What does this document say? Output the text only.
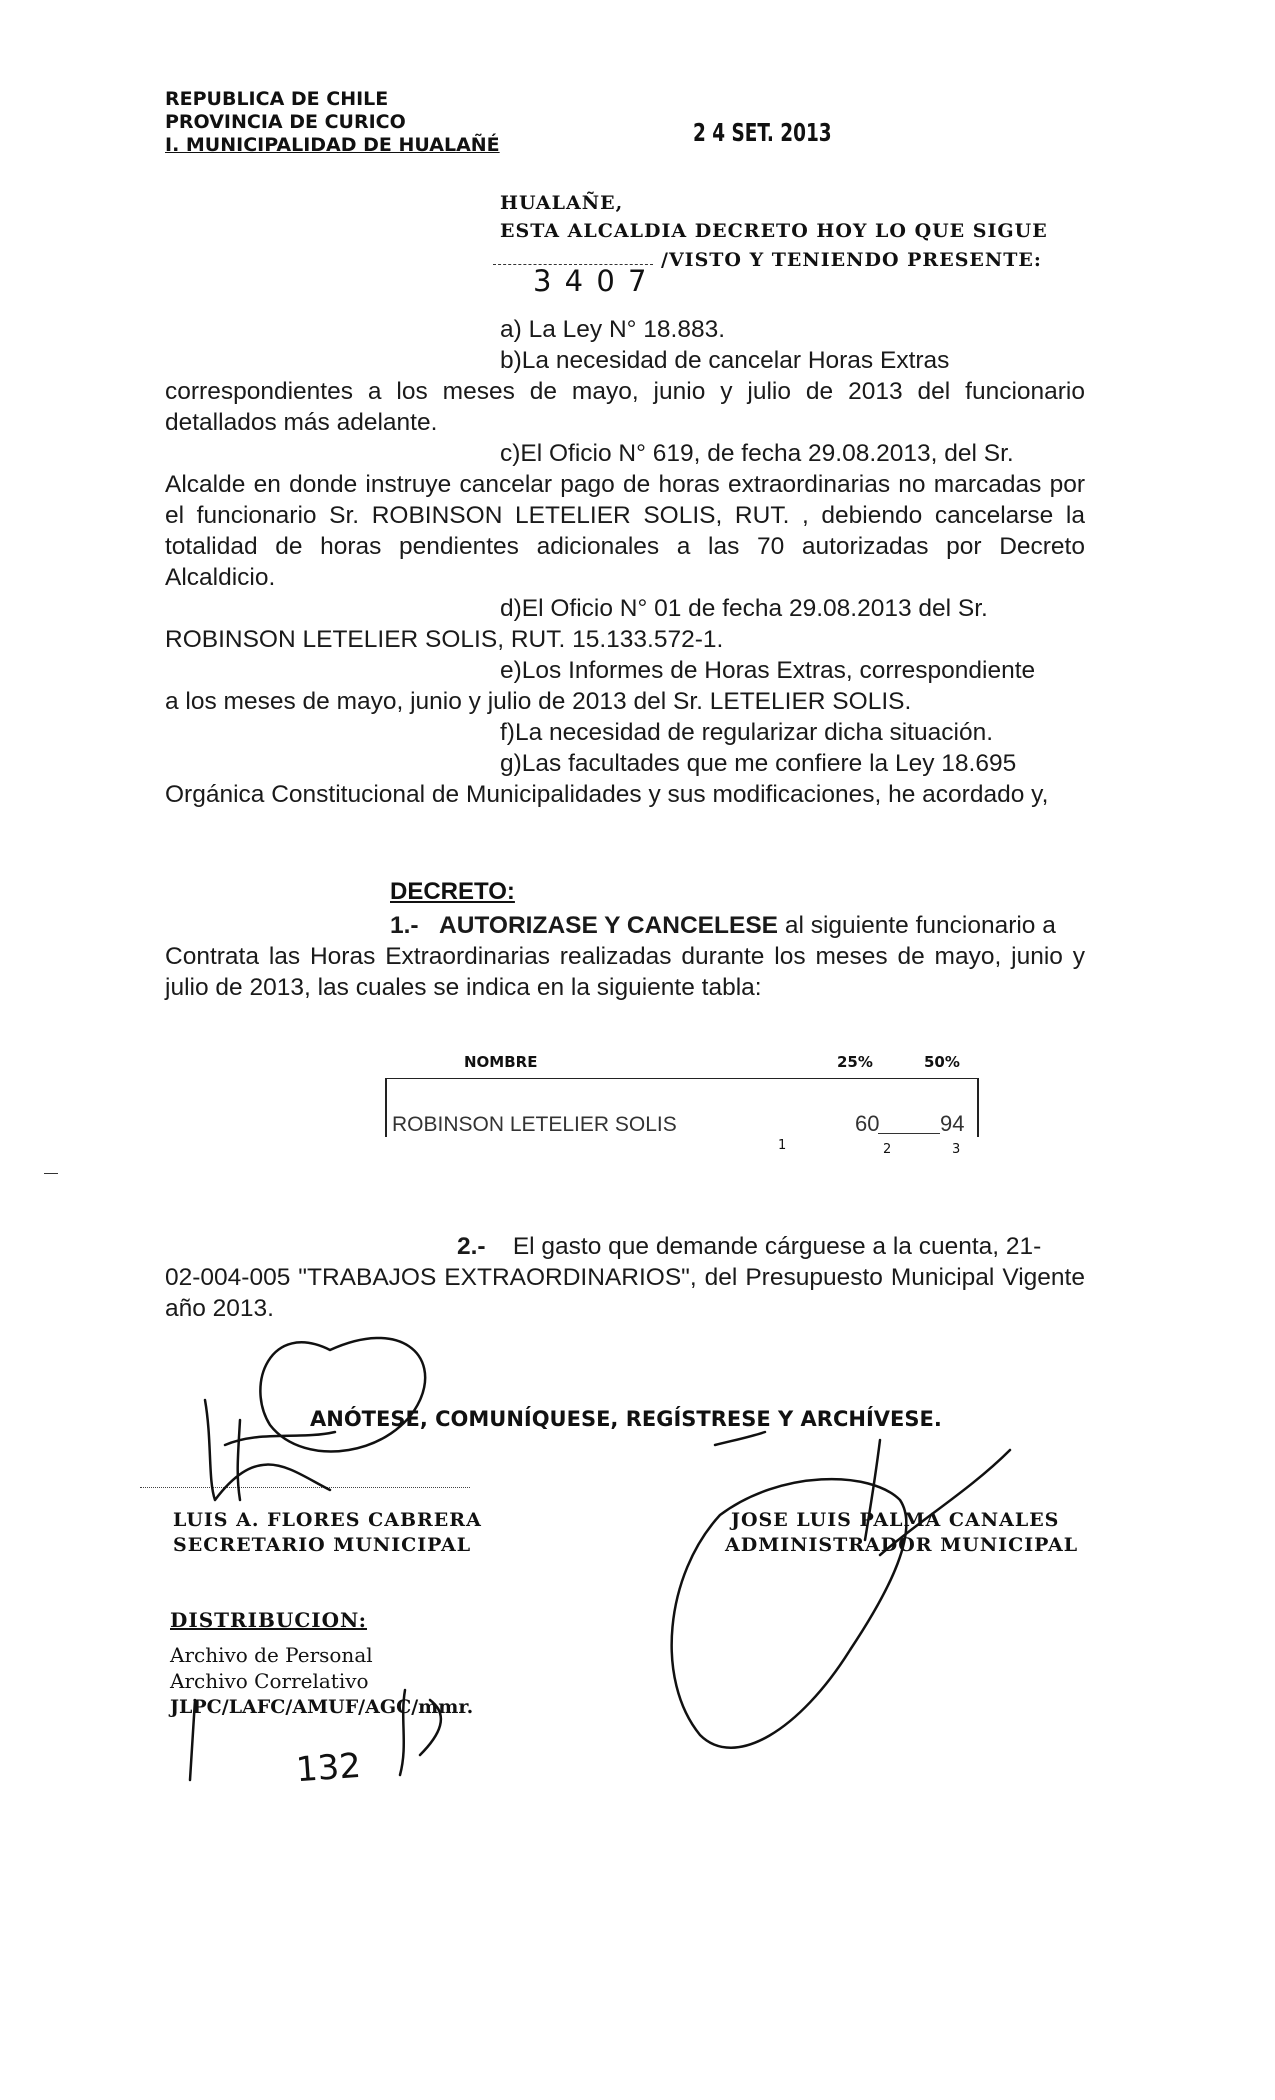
REPUBLICA DE CHILE
PROVINCIA DE CURICO
I. MUNICIPALIDAD DE HUALAÑÉ	2 4 SET. 2013
HUALAÑE,
ESTA ALCALDIA DECRETO HOY LO QUE SIGUE
3 4 0 7
/VISTO Y TENIENDO PRESENTE:
a) La Ley N° 18.883.
b)La necesidad de cancelar Horas Extras
correspondientes a los meses de mayo, junio y julio de 2013 del funcionario detallados más adelante.
c)El Oficio N° 619, de fecha 29.08.2013, del Sr.
Alcalde en donde instruye cancelar pago de horas extraordinarias no marcadas por el funcionario Sr. ROBINSON LETELIER SOLIS, RUT. , debiendo cancelarse la totalidad de horas pendientes adicionales a las 70 autorizadas por Decreto Alcaldicio.
d)El Oficio N° 01 de fecha 29.08.2013 del Sr.
ROBINSON LETELIER SOLIS, RUT. 15.133.572-1.
e)Los Informes de Horas Extras, correspondiente
a los meses de mayo, junio y julio de 2013 del Sr. LETELIER SOLIS.
f)La necesidad de regularizar dicha situación.
g)Las facultades que me confiere la Ley 18.695
Orgánica Constitucional de Municipalidades y sus modificaciones, he acordado y,
DECRETO:
1.- AUTORIZASE Y CANCELESE al siguiente funcionario a
Contrata las Horas Extraordinarias realizadas durante los meses de mayo, junio y julio de 2013, las cuales se indica en la siguiente tabla:
NOMBRE	25%	50%
ROBINSON LETELIER SOLIS	60	94
1	2	3
2.- El gasto que demande cárguese a la cuenta, 21-
02-004-005 "TRABAJOS EXTRAORDINARIOS", del Presupuesto Municipal Vigente año 2013.
ANÓTESE, COMUNÍQUESE, REGÍSTRESE Y ARCHÍVESE.
LUIS A. FLORES CABRERA
SECRETARIO MUNICIPAL
JOSE LUIS PALMA CANALES
ADMINISTRADOR MUNICIPAL
DISTRIBUCION:
Archivo de Personal
Archivo Correlativo
JLPC/LAFC/AMUF/AGC/mmr.
132
